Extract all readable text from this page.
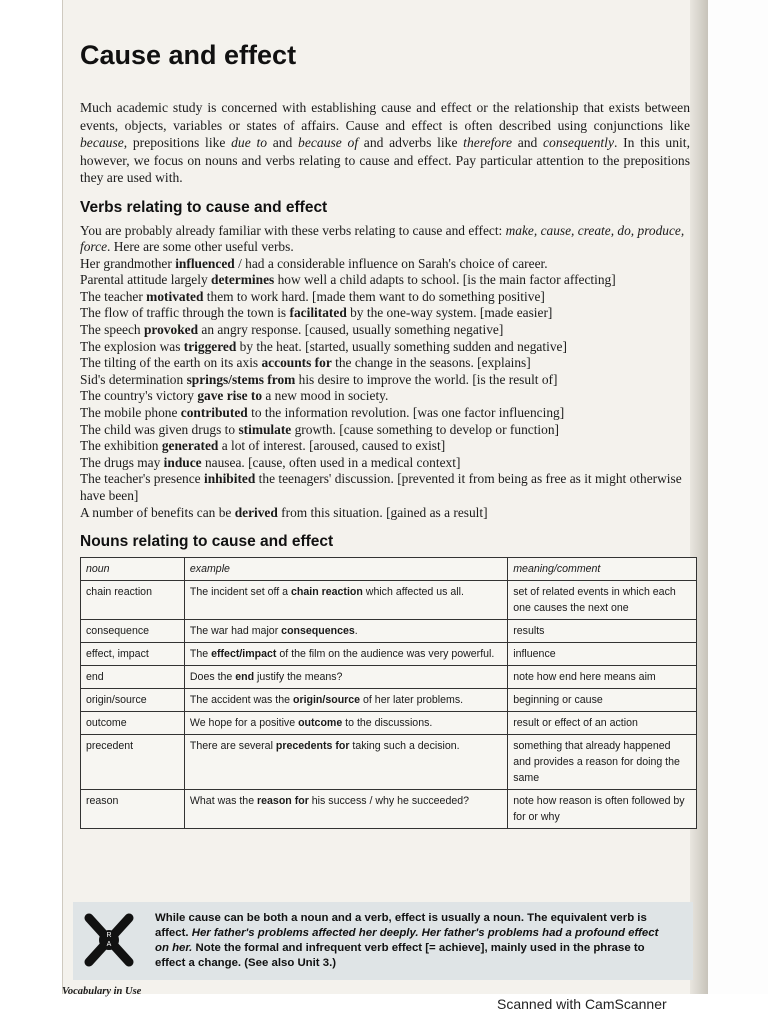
Cause and effect

Much academic study is concerned with establishing cause and effect or the relationship that exists between events, objects, variables or states of affairs. Cause and effect is often described using conjunctions like because, prepositions like due to and because of and adverbs like therefore and consequently. In this unit, however, we focus on nouns and verbs relating to cause and effect. Pay particular attention to the prepositions they are used with.

Verbs relating to cause and effect
You are probably already familiar with these verbs relating to cause and effect: make, cause, create, do, produce, force. Here are some other useful verbs.
Her grandmother influenced / had a considerable influence on Sarah's choice of career.
Parental attitude largely determines how well a child adapts to school. [is the main factor affecting]
The teacher motivated them to work hard. [made them want to do something positive]
The flow of traffic through the town is facilitated by the one-way system. [made easier]
The speech provoked an angry response. [caused, usually something negative]
The explosion was triggered by the heat. [started, usually something sudden and negative]
The tilting of the earth on its axis accounts for the change in the seasons. [explains]
Sid's determination springs/stems from his desire to improve the world. [is the result of]
The country's victory gave rise to a new mood in society.
The mobile phone contributed to the information revolution. [was one factor influencing]
The child was given drugs to stimulate growth. [cause something to develop or function]
The exhibition generated a lot of interest. [aroused, caused to exist]
The drugs may induce nausea. [cause, often used in a medical context]
The teacher's presence inhibited the teenagers' discussion. [prevented it from being as free as it might otherwise have been]
A number of benefits can be derived from this situation. [gained as a result]
Nouns relating to cause and effect
noun	example	meaning/comment
chain reaction	The incident set off a chain reaction which affected us all.	set of related events in which each one causes the next one
consequence	The war had major consequences.	results
effect, impact	The effect/impact of the film on the audience was very powerful.	influence
end	Does the end justify the means?	note how end here means aim
origin/source	The accident was the origin/source of her later problems.	beginning or cause
outcome	We hope for a positive outcome to the discussions.	result or effect of an action
precedent	There are several precedents for taking such a decision.	something that already happened and provides a reason for doing the same
reason	What was the reason for his success / why he succeeded?	note how reason is often followed by for or why
R
A
While cause can be both a noun and a verb, effect is usually a noun. The equivalent verb is affect. Her father's problems affected her deeply. Her father's problems had a profound effect on her. Note the formal and infrequent verb effect [= achieve], mainly used in the phrase to effect a change. (See also Unit 3.)
Vocabulary in Use
Scanned with CamScanner
